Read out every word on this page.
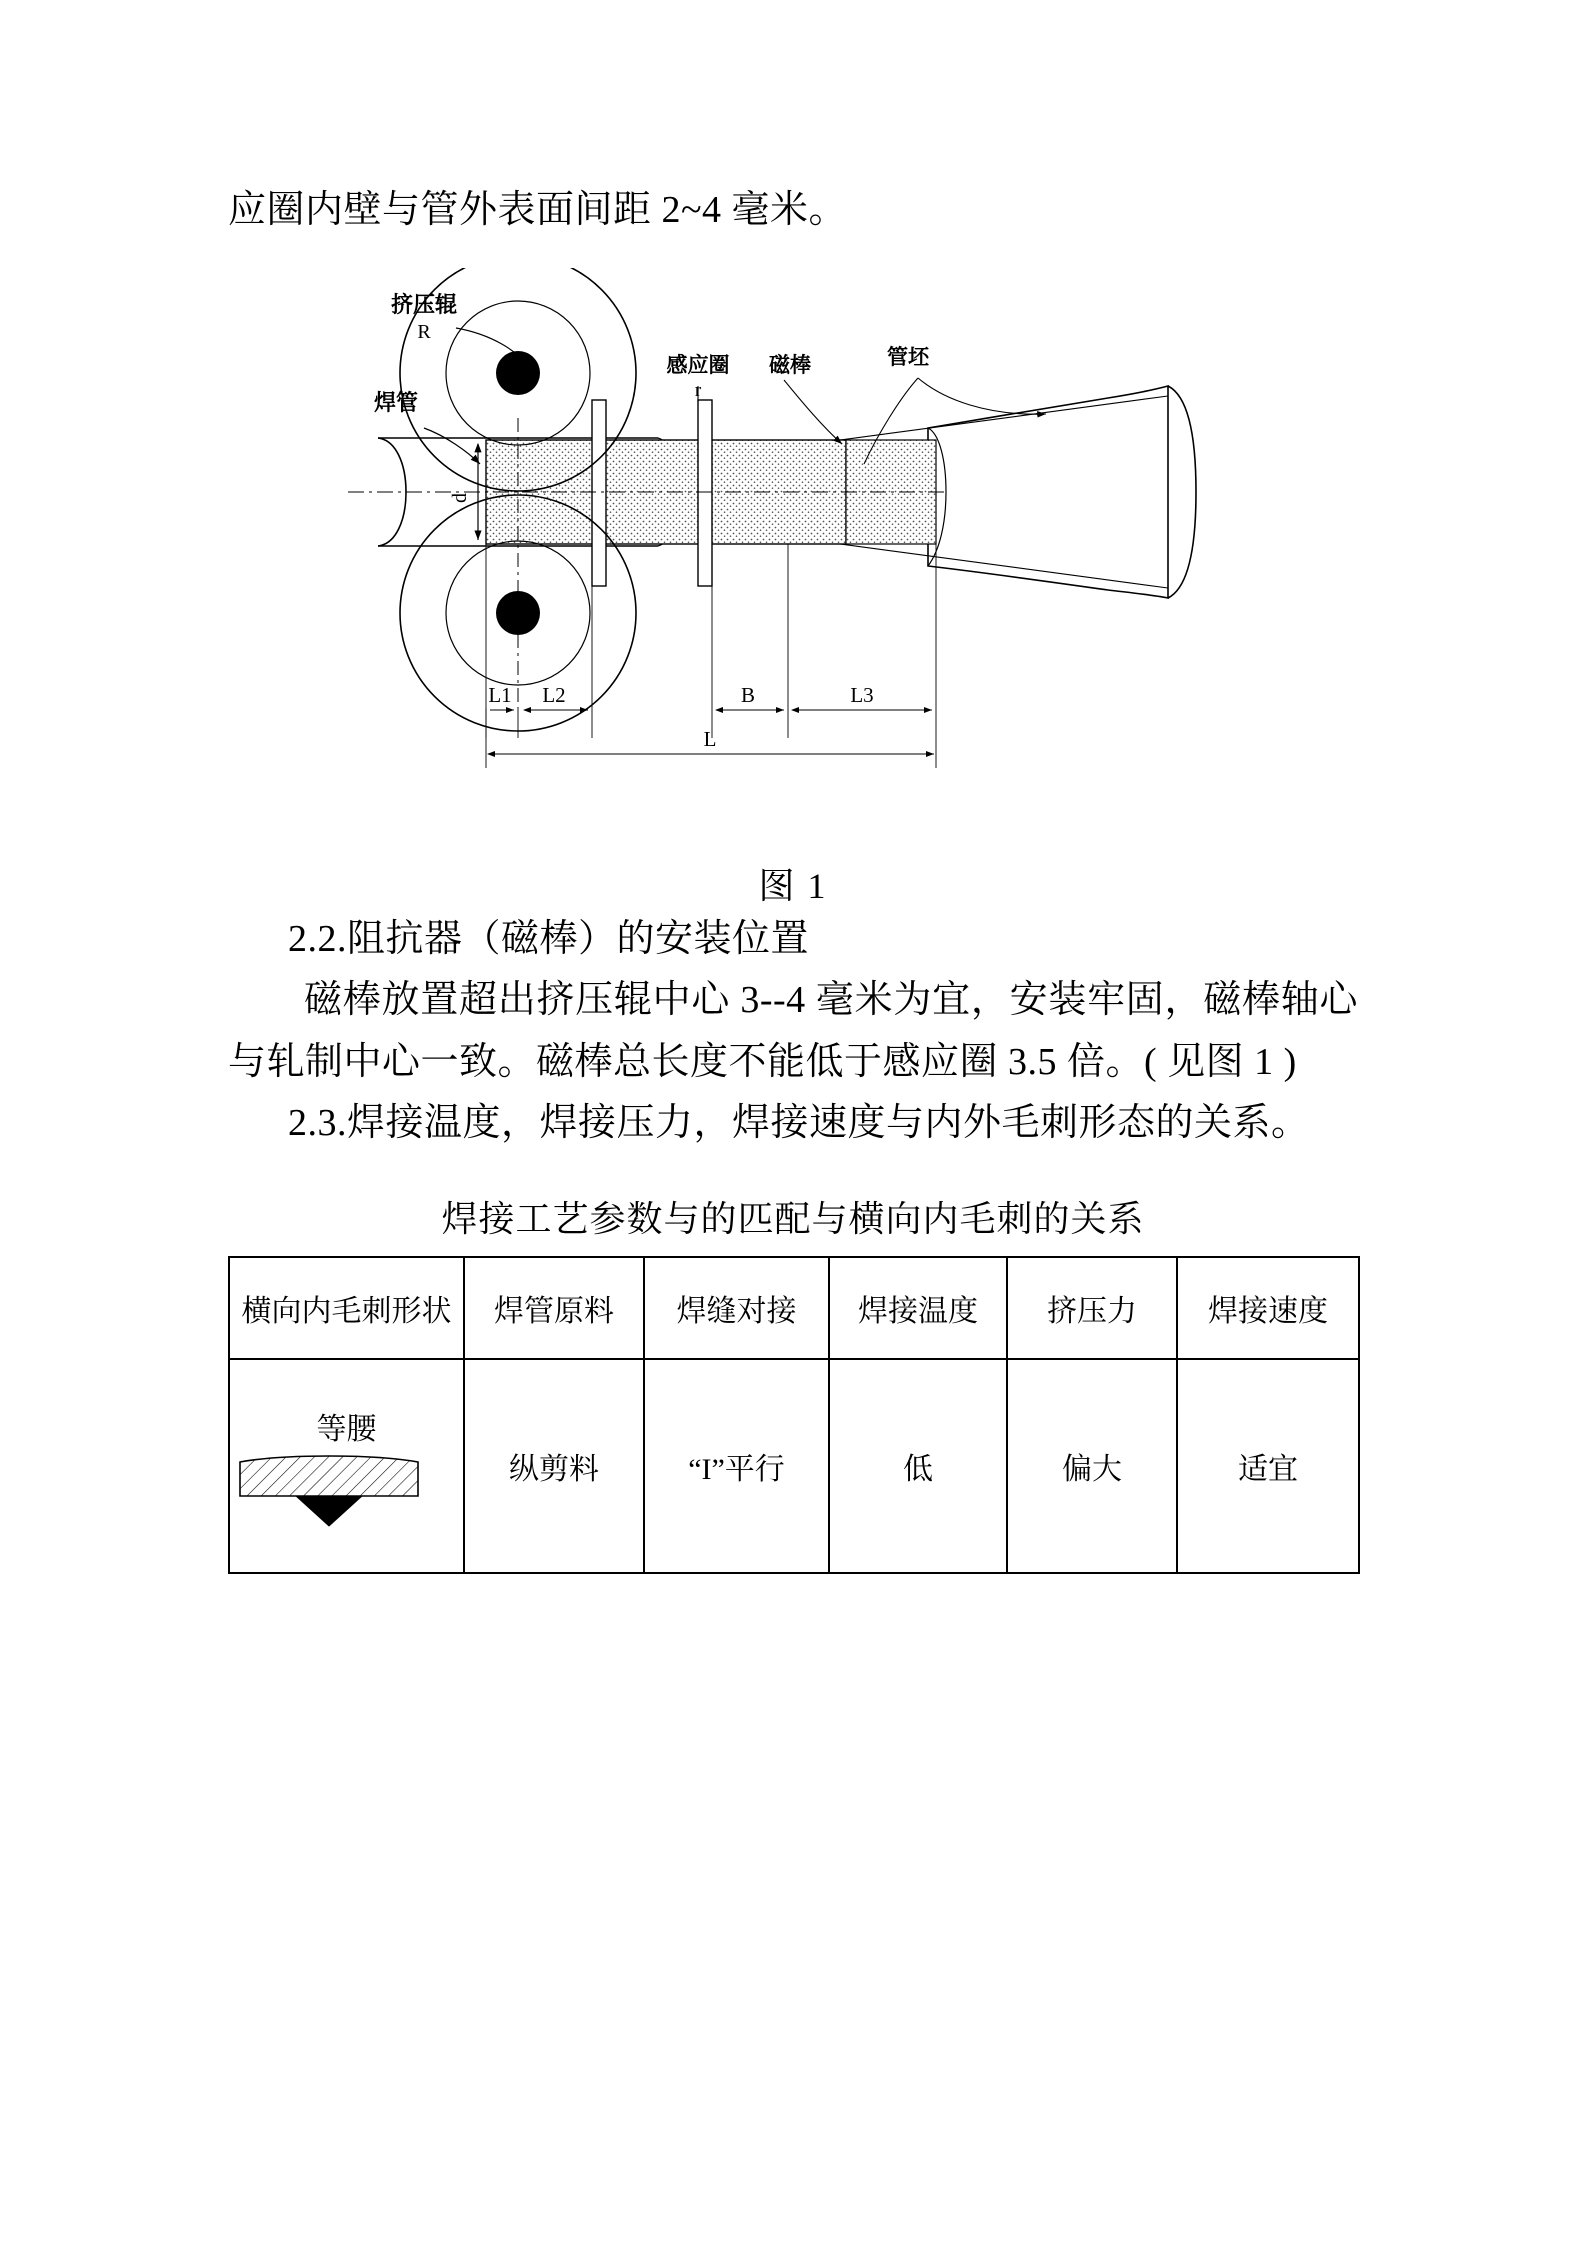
应圈内壁与管外表面间距 2~4 毫米。

d
L1 L2	B	L3
L
挤压辊
R
焊管
感应圈
r
磁棒	管坯
图 1

2.2.阻抗器（磁棒）的安装位置

磁棒放置超出挤压辊中心 3--4 毫米为宜，安装牢固，磁棒轴心与轧制中心一致。磁棒总长度不能低于感应圈 3.5 倍。( 见图 1 )

2.3.焊接温度，焊接压力，焊接速度与内外毛刺形态的关系。

焊接工艺参数与的匹配与横向内毛刺的关系
横向内毛刺形状	焊管原料	焊缝对接	焊接温度	挤压力	焊接速度

等腰	纵剪料	“I”平行	低	偏大	适宜
